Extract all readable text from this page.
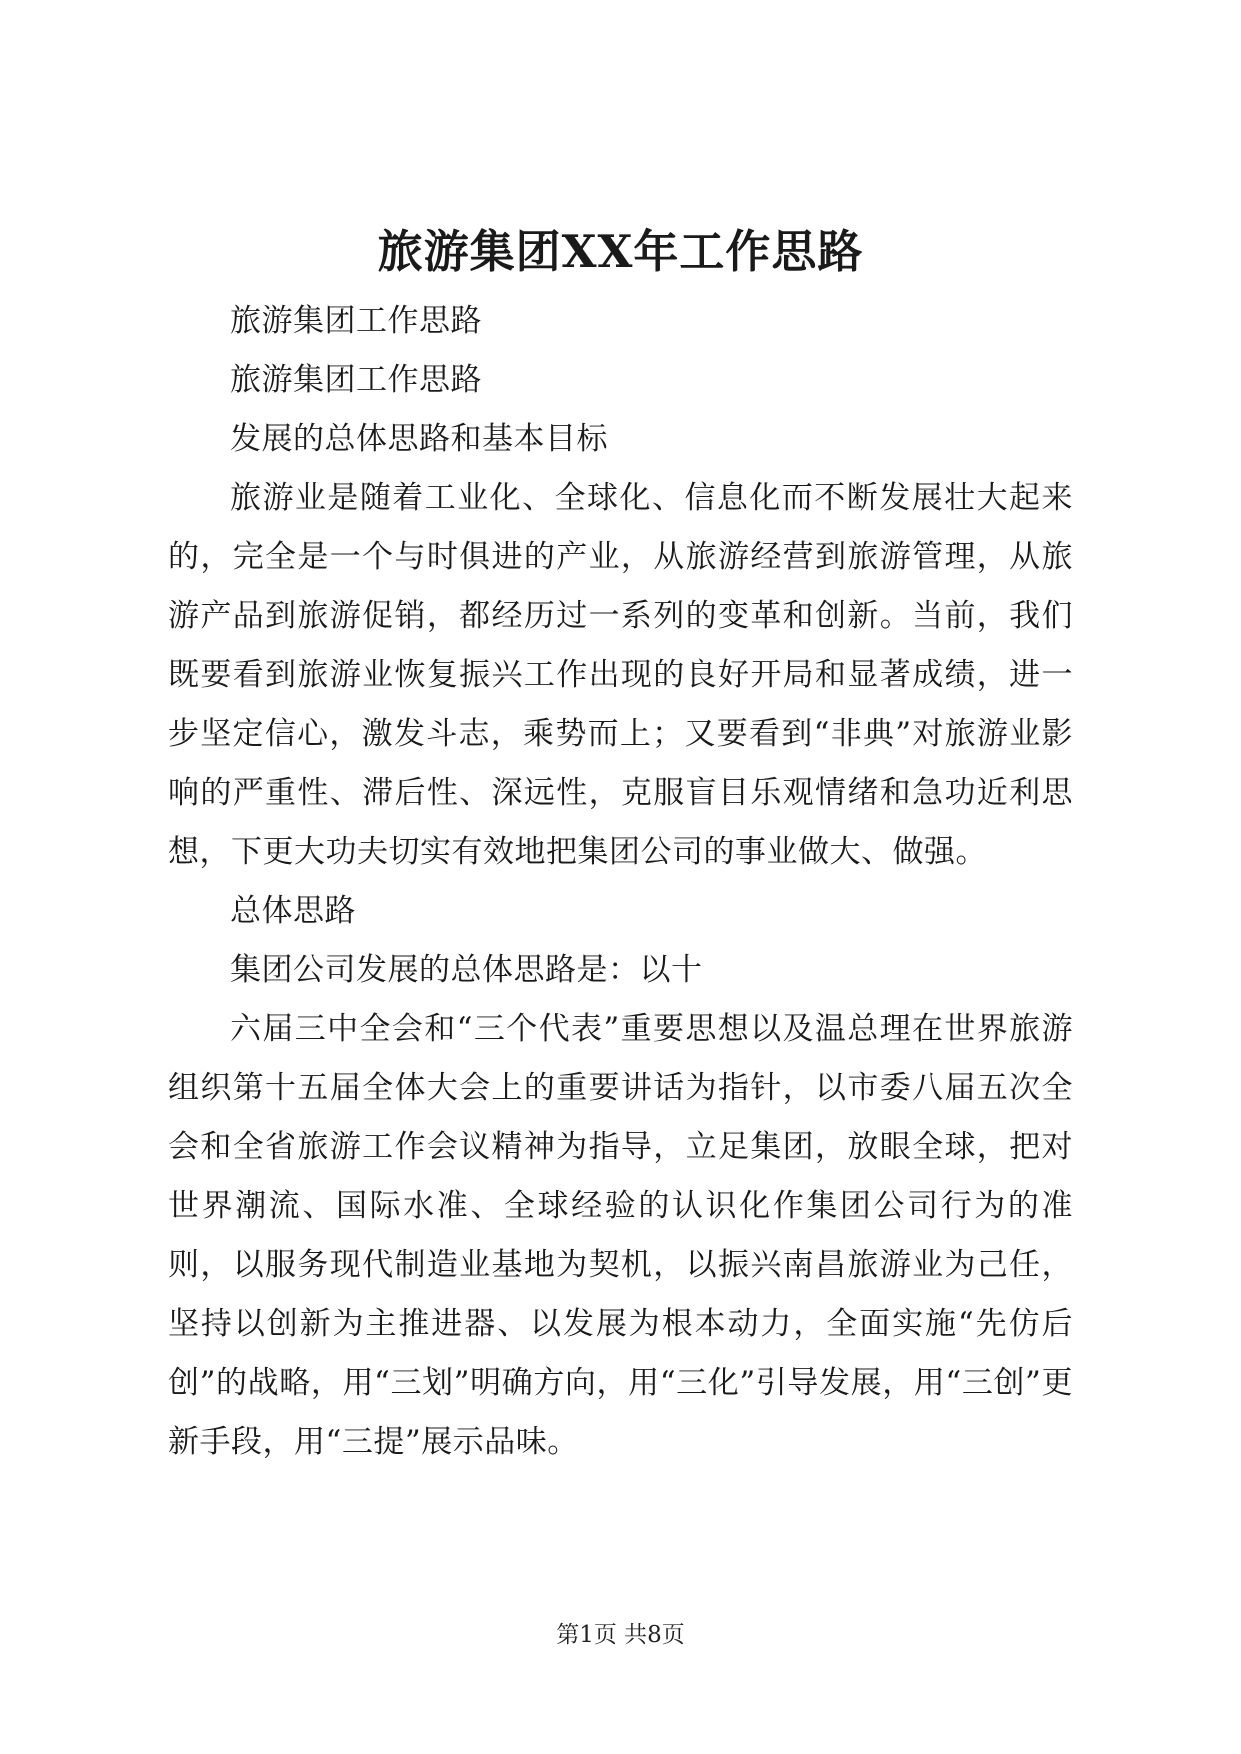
旅游集团XX年工作思路

旅游集团工作思路

旅游集团工作思路

发展的总体思路和基本目标

旅游业是随着工业化、全球化、信息化而不断发展壮大起来的，完全是一个与时俱进的产业，从旅游经营到旅游管理，从旅游产品到旅游促销，都经历过一系列的变革和创新。当前，我们既要看到旅游业恢复振兴工作出现的良好开局和显著成绩，进一步坚定信心，激发斗志，乘势而上；又要看到“非典”对旅游业影响的严重性、滞后性、深远性，克服盲目乐观情绪和急功近利思想，下更大功夫切实有效地把集团公司的事业做大、做强。

总体思路

集团公司发展的总体思路是：以十

六届三中全会和“三个代表”重要思想以及温总理在世界旅游组织第十五届全体大会上的重要讲话为指针，以市委八届五次全会和全省旅游工作会议精神为指导，立足集团，放眼全球，把对世界潮流、国际水准、全球经验的认识化作集团公司行为的准则，以服务现代制造业基地为契机，以振兴南昌旅游业为己任，坚持以创新为主推进器、以发展为根本动力，全面实施“先仿后创”的战略，用“三划”明确方向，用“三化”引导发展，用“三创”更新手段，用“三提”展示品味。

第1页 共8页
